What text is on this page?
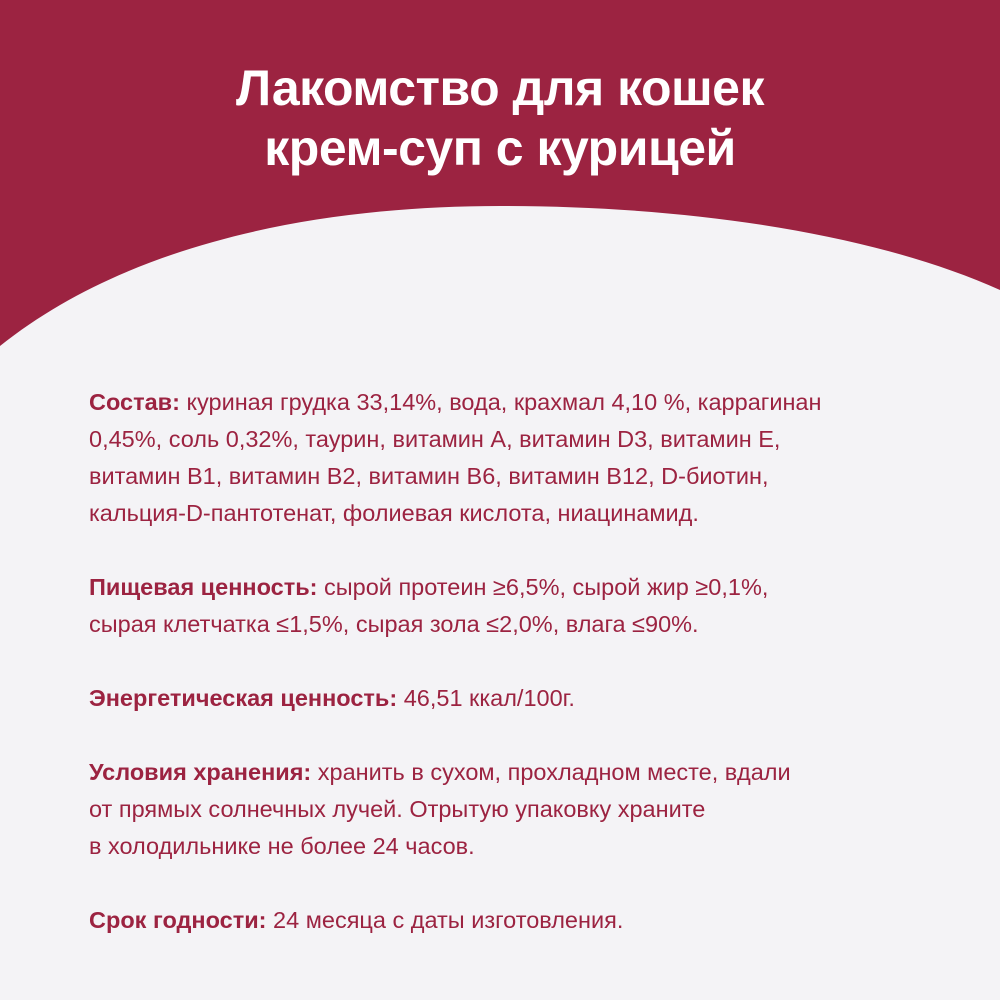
Лакомство для кошек
крем-суп с курицей

Состав: куриная грудка 33,14%, вода, крахмал 4,10 %, каррагинан
0,45%, соль 0,32%, таурин, витамин А, витамин D3, витамин Е,
витамин В1, витамин В2, витамин В6, витамин В12, D-биотин,
кальция-D-пантотенат, фолиевая кислота, ниацинамид.

Пищевая ценность: сырой протеин ≥6,5%, сырой жир ≥0,1%,
сырая клетчатка ≤1,5%, сырая зола ≤2,0%, влага ≤90%.

Энергетическая ценность: 46,51 ккал/100г.

Условия хранения: хранить в сухом, прохладном месте, вдали
от прямых солнечных лучей. Отрытую упаковку храните
в холодильнике не более 24 часов.

Срок годности: 24 месяца с даты изготовления.
